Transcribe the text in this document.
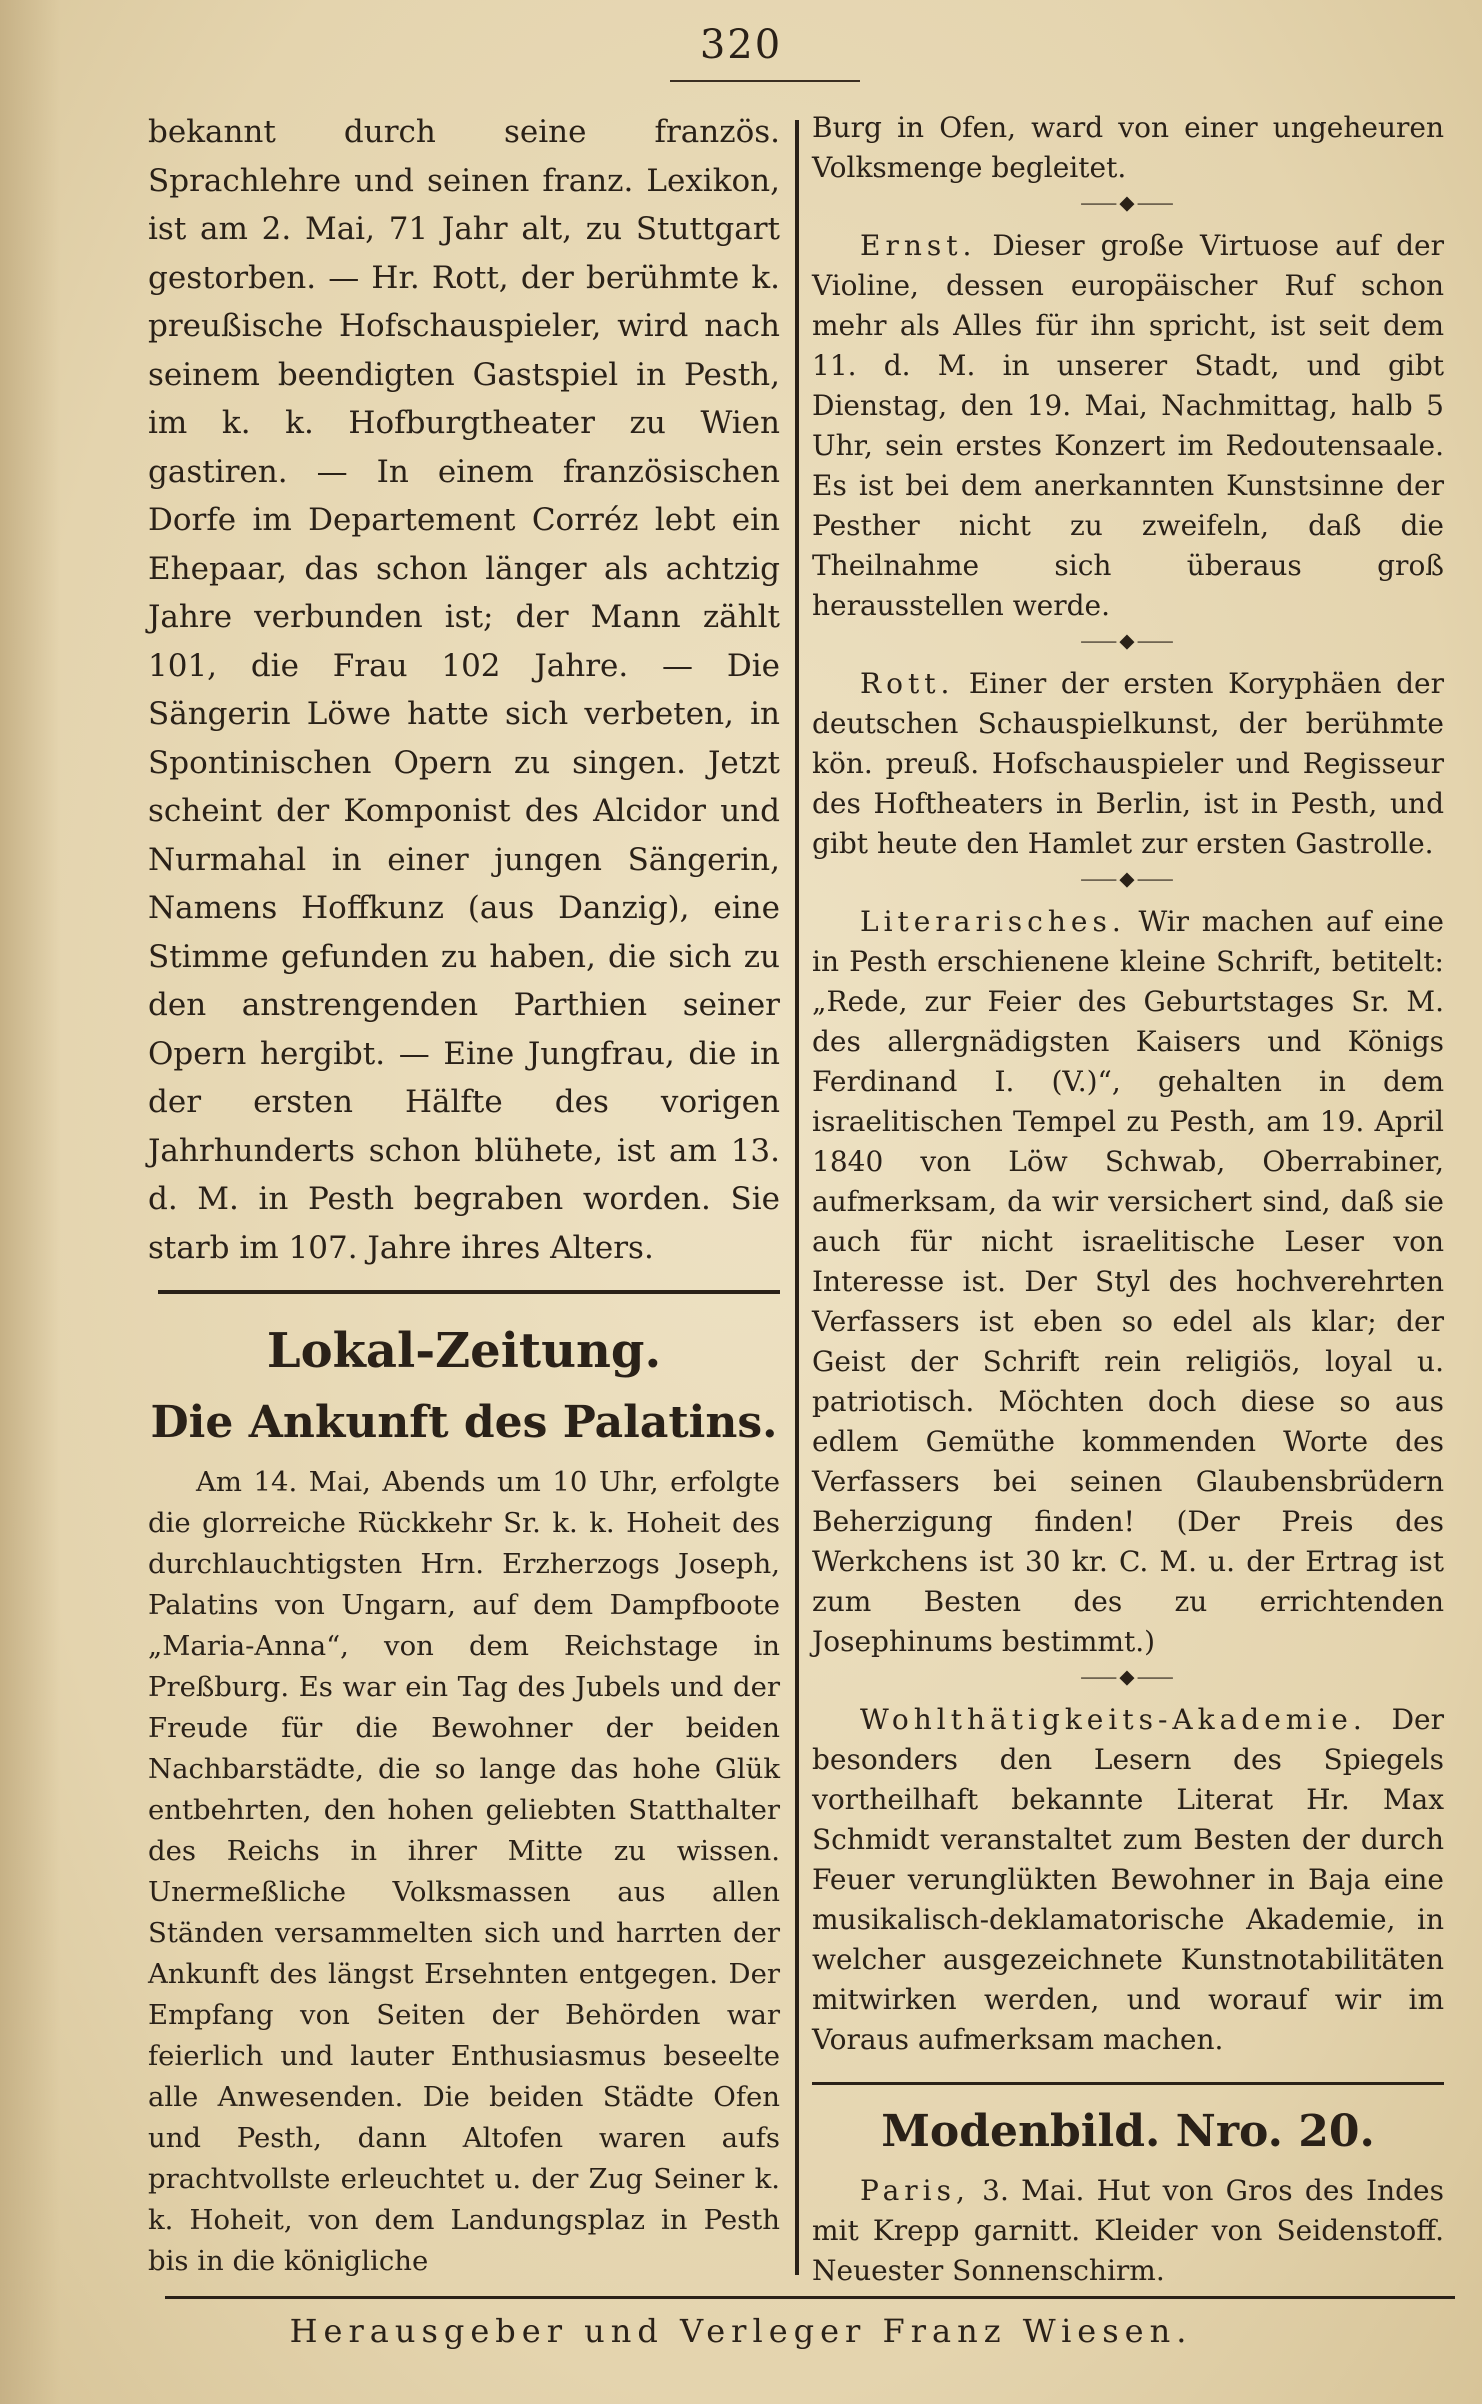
320

bekannt durch seine französ. Sprachlehre und seinen franz. Lexikon, ist am 2. Mai, 71 Jahr alt, zu Stuttgart gestorben. — Hr. Rott, der berühmte k. preußische Hofschauspieler, wird nach seinem beendigten Gastspiel in Pesth, im k. k. Hofburgtheater zu Wien gastiren. — In einem französischen Dorfe im Departement Corréz lebt ein Ehepaar, das schon länger als achtzig Jahre verbunden ist; der Mann zählt 101, die Frau 102 Jahre. — Die Sängerin Löwe hatte sich verbeten, in Spontinischen Opern zu singen. Jetzt scheint der Komponist des Alcidor und Nurmahal in einer jungen Sängerin, Namens Hoffkunz (aus Danzig), eine Stimme gefunden zu haben, die sich zu den anstrengenden Parthien seiner Opern hergibt. — Eine Jungfrau, die in der ersten Hälfte des vorigen Jahrhunderts schon blühete, ist am 13. d. M. in Pesth begraben worden. Sie starb im 107. Jahre ihres Alters.

Lokal-Zeitung.
Die Ankunft des Palatins.

Am 14. Mai, Abends um 10 Uhr, erfolgte die glorreiche Rückkehr Sr. k. k. Hoheit des durchlauchtigsten Hrn. Erzherzogs Joseph, Palatins von Ungarn, auf dem Dampfboote „Maria-Anna“, von dem Reichstage in Preßburg. Es war ein Tag des Jubels und der Freude für die Bewohner der beiden Nachbarstädte, die so lange das hohe Glük entbehrten, den hohen geliebten Statthalter des Reichs in ihrer Mitte zu wissen. Unermeßliche Volksmassen aus allen Ständen versammelten sich und harrten der Ankunft des längst Ersehnten entgegen. Der Empfang von Seiten der Behörden war feierlich und lauter Enthusiasmus beseelte alle Anwesenden. Die beiden Städte Ofen und Pesth, dann Altofen waren aufs prachtvollste erleuchtet u. der Zug Seiner k. k. Hoheit, von dem Landungsplaz in Pesth bis in die königliche

Burg in Ofen, ward von einer ungeheuren Volksmenge begleitet.

⸺⬥⸺

Ernst. Dieser große Virtuose auf der Violine, dessen europäischer Ruf schon mehr als Alles für ihn spricht, ist seit dem 11. d. M. in unserer Stadt, und gibt Dienstag, den 19. Mai, Nachmittag, halb 5 Uhr, sein erstes Konzert im Redoutensaale. Es ist bei dem anerkannten Kunstsinne der Pesther nicht zu zweifeln, daß die Theilnahme sich überaus groß herausstellen werde.

⸺⬥⸺

Rott. Einer der ersten Koryphäen der deutschen Schauspielkunst, der berühmte kön. preuß. Hofschauspieler und Regisseur des Hoftheaters in Berlin, ist in Pesth, und gibt heute den Hamlet zur ersten Gastrolle.

⸺⬥⸺

Literarisches. Wir machen auf eine in Pesth erschienene kleine Schrift, betitelt: „Rede, zur Feier des Geburtstages Sr. M. des allergnädigsten Kaisers und Königs Ferdinand I. (V.)“, gehalten in dem israelitischen Tempel zu Pesth, am 19. April 1840 von Löw Schwab, Oberrabiner, aufmerksam, da wir versichert sind, daß sie auch für nicht israelitische Leser von Interesse ist. Der Styl des hochverehrten Verfassers ist eben so edel als klar; der Geist der Schrift rein religiös, loyal u. patriotisch. Möchten doch diese so aus edlem Gemüthe kommenden Worte des Verfassers bei seinen Glaubensbrüdern Beherzigung finden! (Der Preis des Werkchens ist 30 kr. C. M. u. der Ertrag ist zum Besten des zu errichtenden Josephinums bestimmt.)

⸺⬥⸺

Wohlthätigkeits-Akademie. Der besonders den Lesern des Spiegels vortheilhaft bekannte Literat Hr. Max Schmidt veranstaltet zum Besten der durch Feuer verunglükten Bewohner in Baja eine musikalisch-deklamatorische Akademie, in welcher ausgezeichnete Kunstnotabilitäten mitwirken werden, und worauf wir im Voraus aufmerksam machen.

Modenbild. Nro. 20.

Paris, 3. Mai. Hut von Gros des Indes mit Krepp garnitt. Kleider von Seidenstoff. Neuester Sonnenschirm.

Herausgeber und Verleger Franz Wiesen.
